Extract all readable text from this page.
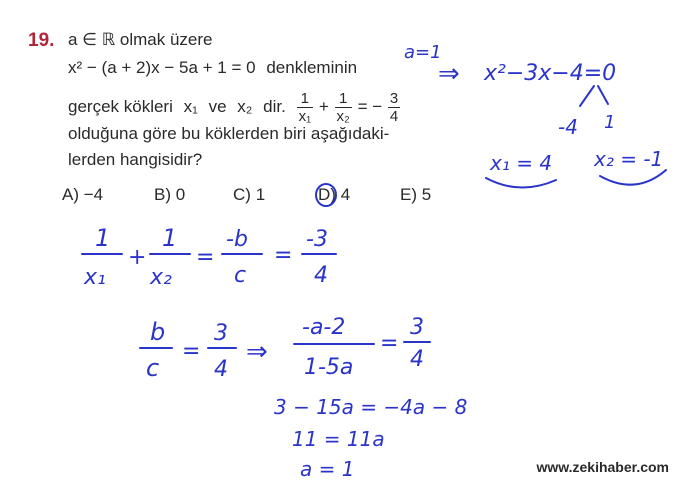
19. a ∈ ℝ olmak üzere
x² − (a + 2)x − 5a + 1 = 0 denkleminin
gerçek kökleri x₁ ve x₂ dir. $\frac{1}{\text{x₁}} + \frac{1}{\text{x₂}}$ = − $\frac{3}{4}$
olduğuna göre bu köklerden biri aşağıdaki-
lerden hangisidir?
A) −4	B) 0	C) 1	D) 4	E) 5
a=1
⇒ x²−3x−4=0
-4 1
x₁ = 4 x₂ = -1
1
x₁
+
1
x₂
=
-b
c
=
-3
4
b
c
=
3
4
⇒
-a-2
1-5a
=
3
4
3 − 15a = −4a − 8
11 = 11a
a = 1	www.zekihaber.com
